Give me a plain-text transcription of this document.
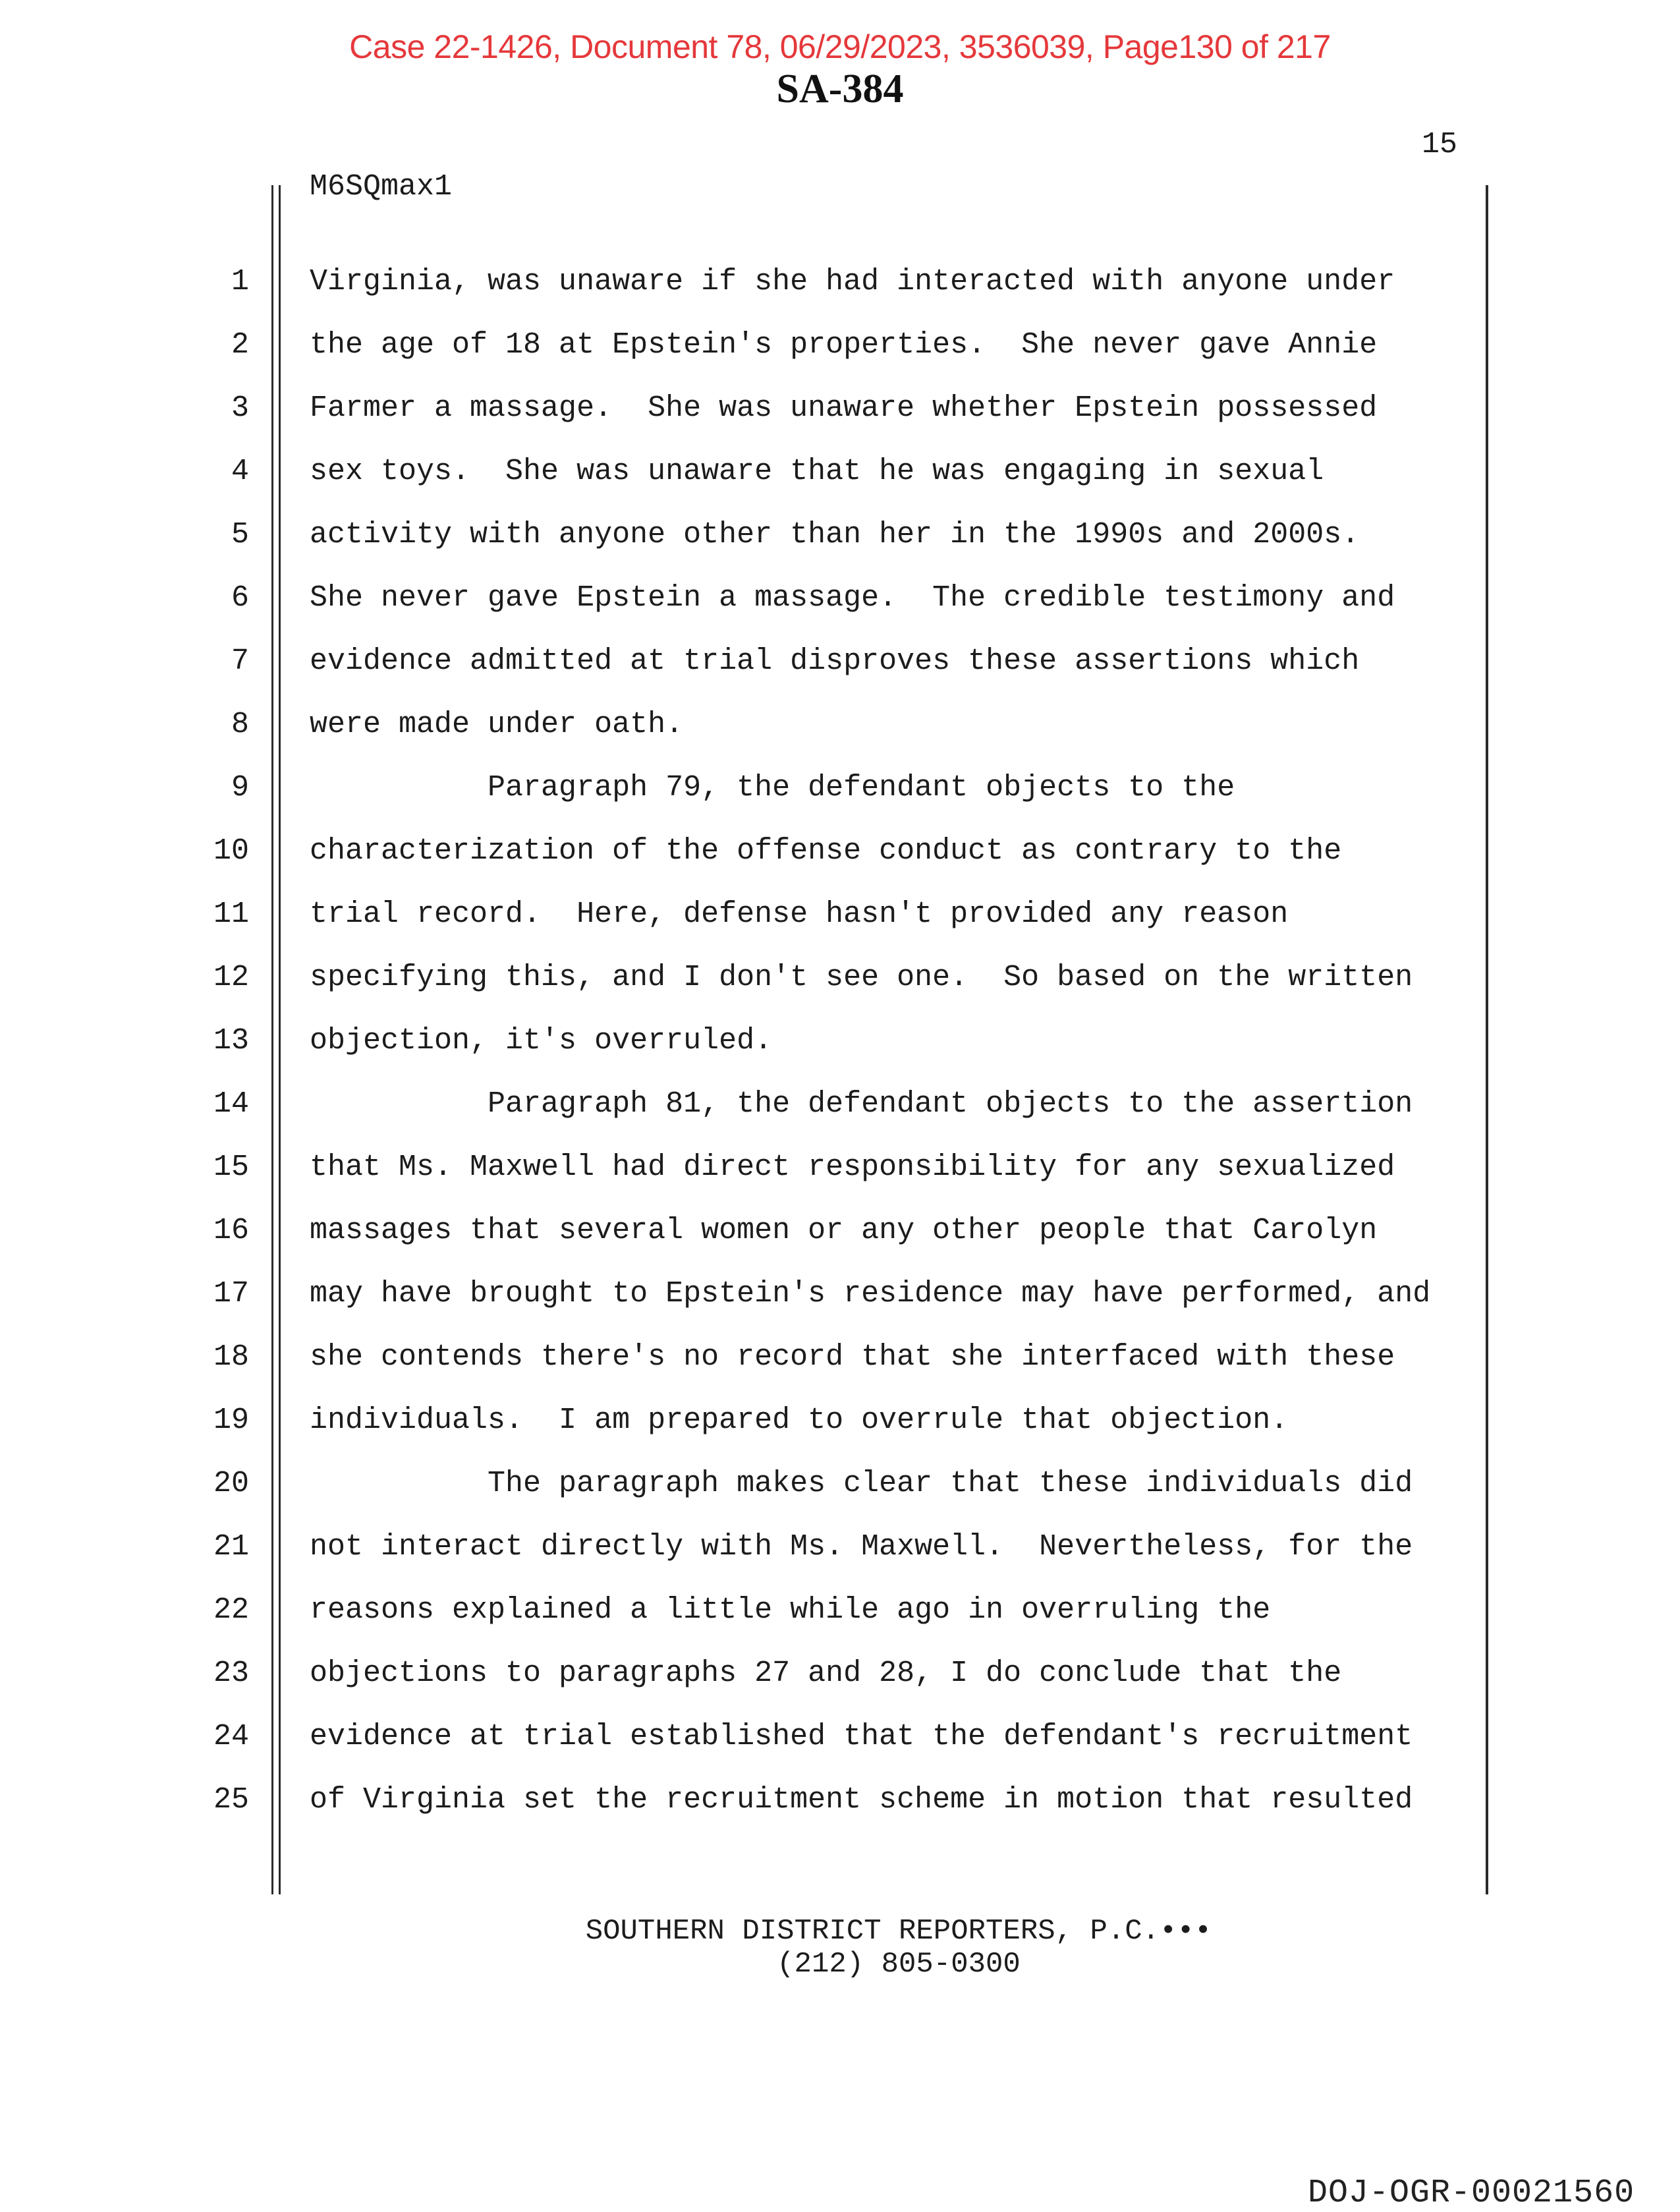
Case 22-1426, Document 78, 06/29/2023, 3536039, Page130 of 217
SA-384
15
M6SQmax1
1 Virginia, was unaware if she had interacted with anyone under
2 the age of 18 at Epstein's properties.  She never gave Annie
3 Farmer a massage.  She was unaware whether Epstein possessed
4 sex toys.  She was unaware that he was engaging in sexual
5 activity with anyone other than her in the 1990s and 2000s.
6 She never gave Epstein a massage.  The credible testimony and
7 evidence admitted at trial disproves these assertions which
8 were made under oath.
9 Paragraph 79, the defendant objects to the
10 characterization of the offense conduct as contrary to the
11 trial record.  Here, defense hasn't provided any reason
12 specifying this, and I don't see one.  So based on the written
13 objection, it's overruled.
14 Paragraph 81, the defendant objects to the assertion
15 that Ms. Maxwell had direct responsibility for any sexualized
16 massages that several women or any other people that Carolyn
17 may have brought to Epstein's residence may have performed, and
18 she contends there's no record that she interfaced with these
19 individuals.  I am prepared to overrule that objection.
20 The paragraph makes clear that these individuals did
21 not interact directly with Ms. Maxwell.  Nevertheless, for the
22 reasons explained a little while ago in overruling the
23 objections to paragraphs 27 and 28, I do conclude that the
24 evidence at trial established that the defendant's recruitment
25 of Virginia set the recruitment scheme in motion that resulted
SOUTHERN DISTRICT REPORTERS, P.C.•••
(212) 805-0300
DOJ-OGR-00021560
